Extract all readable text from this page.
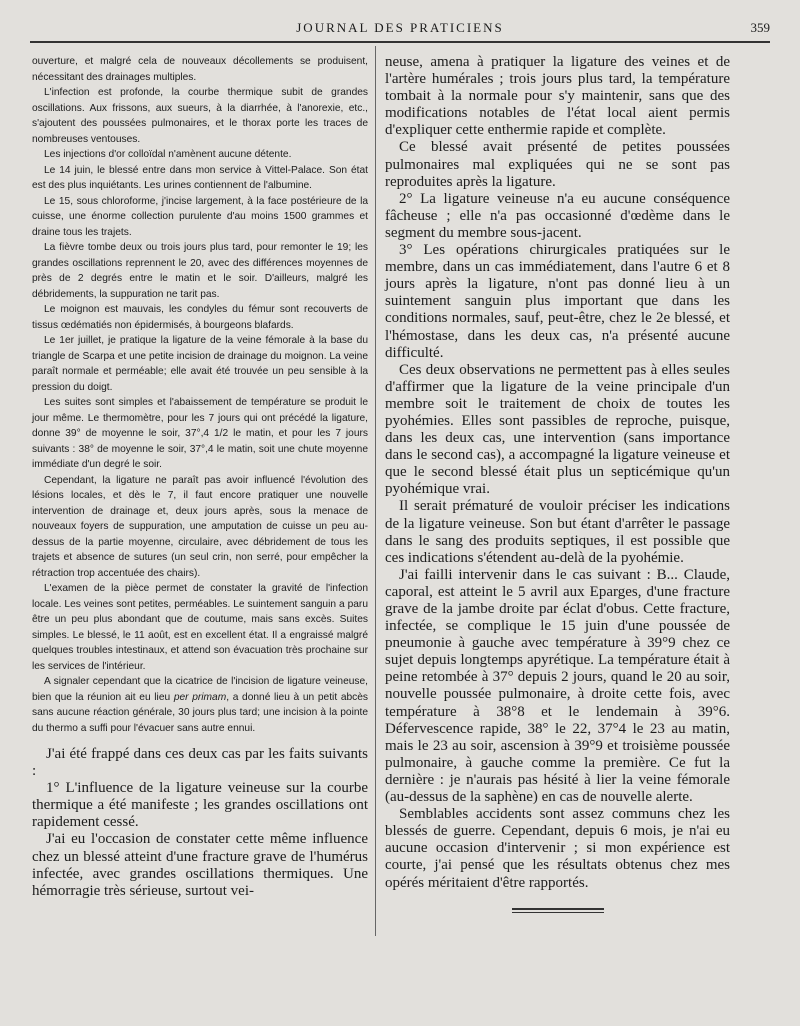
JOURNAL DES PRATICIENS	359

ouverture, et malgré cela de nouveaux décollements se produisent, nécessitant des drainages multiples.

L'infection est profonde, la courbe thermique subit de grandes oscillations. Aux frissons, aux sueurs, à la diarrhée, à l'anorexie, etc., s'ajoutent des poussées pulmonaires, et le thorax porte les traces de nombreuses ventouses.

Les injections d'or colloïdal n'amènent aucune détente.

Le 14 juin, le blessé entre dans mon service à Vittel-Palace. Son état est des plus inquiétants. Les urines contiennent de l'albumine.

Le 15, sous chloroforme, j'incise largement, à la face postérieure de la cuisse, une énorme collection purulente d'au moins 1500 grammes et draine tous les trajets.

La fièvre tombe deux ou trois jours plus tard, pour remonter le 19; les grandes oscillations reprennent le 20, avec des différences moyennes de près de 2 degrés entre le matin et le soir. D'ailleurs, malgré les débridements, la suppuration ne tarit pas.

Le moignon est mauvais, les condyles du fémur sont recouverts de tissus œdématiés non épidermisés, à bourgeons blafards.

Le 1er juillet, je pratique la ligature de la veine fémorale à la base du triangle de Scarpa et une petite incision de drainage du moignon. La veine paraît normale et perméable; elle avait été trouvée un peu sensible à la pression du doigt.

Les suites sont simples et l'abaissement de température se produit le jour même. Le thermomètre, pour les 7 jours qui ont précédé la ligature, donne 39° de moyenne le soir, 37°,4 1/2 le matin, et pour les 7 jours suivants : 38° de moyenne le soir, 37°,4 le matin, soit une chute moyenne immédiate d'un degré le soir.

Cependant, la ligature ne paraît pas avoir influencé l'évolution des lésions locales, et dès le 7, il faut encore pratiquer une nouvelle intervention de drainage et, deux jours après, sous la menace de nouveaux foyers de suppuration, une amputation de cuisse un peu au-dessus de la partie moyenne, circulaire, avec débridement de tous les trajets et absence de sutures (un seul crin, non serré, pour empêcher la rétraction trop accentuée des chairs).

L'examen de la pièce permet de constater la gravité de l'infection locale. Les veines sont petites, perméables. Le suintement sanguin a paru être un peu plus abondant que de coutume, mais sans excès. Suites simples. Le blessé, le 11 août, est en excellent état. Il a engraissé malgré quelques troubles intestinaux, et attend son évacuation très prochaine sur les services de l'intérieur.

A signaler cependant que la cicatrice de l'incision de ligature veineuse, bien que la réunion ait eu lieu per primam, a donné lieu à un petit abcès sans aucune réaction générale, 30 jours plus tard; une incision à la pointe du thermo a suffi pour l'évacuer sans autre ennui.

J'ai été frappé dans ces deux cas par les faits suivants :

1° L'influence de la ligature veineuse sur la courbe thermique a été manifeste ; les grandes oscillations ont rapidement cessé.

J'ai eu l'occasion de constater cette même influence chez un blessé atteint d'une fracture grave de l'humérus infectée, avec grandes oscillations thermiques. Une hémorragie très sérieuse, surtout vei-

neuse, amena à pratiquer la ligature des veines et de l'artère humérales ; trois jours plus tard, la température tombait à la normale pour s'y maintenir, sans que des modifications notables de l'état local aient permis d'expliquer cette enthermie rapide et complète.

Ce blessé avait présenté de petites poussées pulmonaires mal expliquées qui ne se sont pas reproduites après la ligature.

2° La ligature veineuse n'a eu aucune conséquence fâcheuse ; elle n'a pas occasionné d'œdème dans le segment du membre sous-jacent.

3° Les opérations chirurgicales pratiquées sur le membre, dans un cas immédiatement, dans l'autre 6 et 8 jours après la ligature, n'ont pas donné lieu à un suintement sanguin plus important que dans les conditions normales, sauf, peut-être, chez le 2e blessé, et l'hémostase, dans les deux cas, n'a présenté aucune difficulté.

Ces deux observations ne permettent pas à elles seules d'affirmer que la ligature de la veine principale d'un membre soit le traitement de choix de toutes les pyohémies. Elles sont passibles de reproche, puisque, dans les deux cas, une intervention (sans importance dans le second cas), a accompagné la ligature veineuse et que le second blessé était plus un septicémique qu'un pyohémique vrai.

Il serait prématuré de vouloir préciser les indications de la ligature veineuse. Son but étant d'arrêter le passage dans le sang des produits septiques, il est possible que ces indications s'étendent au-delà de la pyohémie.

J'ai failli intervenir dans le cas suivant : B... Claude, caporal, est atteint le 5 avril aux Eparges, d'une fracture grave de la jambe droite par éclat d'obus. Cette fracture, infectée, se complique le 15 juin d'une poussée de pneumonie à gauche avec température à 39°9 chez ce sujet depuis longtemps apyrétique. La température était à peine retombée à 37° depuis 2 jours, quand le 20 au soir, nouvelle poussée pulmonaire, à droite cette fois, avec température à 38°8 et le lendemain à 39°6. Défervescence rapide, 38° le 22, 37°4 le 23 au matin, mais le 23 au soir, ascension à 39°9 et troisième poussée pulmonaire, à gauche comme la première. Ce fut la dernière : je n'aurais pas hésité à lier la veine fémorale (au-dessus de la saphène) en cas de nouvelle alerte.

Semblables accidents sont assez communs chez les blessés de guerre. Cependant, depuis 6 mois, je n'ai eu aucune occasion d'intervenir ; si mon expérience est courte, j'ai pensé que les résultats obtenus chez mes opérés méritaient d'être rapportés.
